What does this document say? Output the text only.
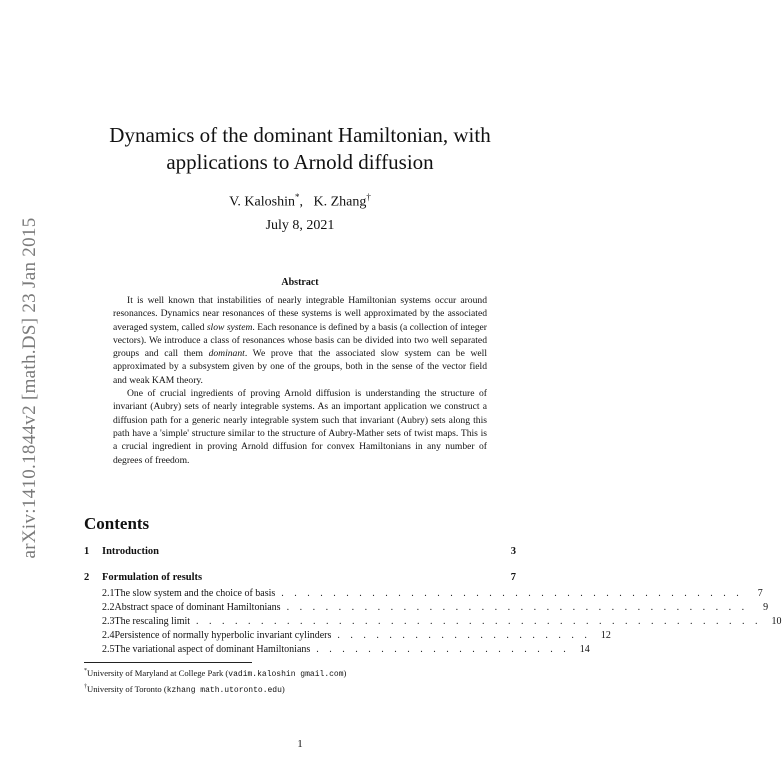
arXiv:1410.1844v2 [math.DS] 23 Jan 2015
Dynamics of the dominant Hamiltonian, with applications to Arnold diffusion
V. Kaloshin*,   K. Zhang†
July 8, 2021
Abstract

It is well known that instabilities of nearly integrable Hamiltonian systems occur around resonances. Dynamics near resonances of these systems is well approximated by the associated averaged system, called slow system. Each resonance is defined by a basis (a collection of integer vectors). We introduce a class of resonances whose basis can be divided into two well separated groups and call them dominant. We prove that the associated slow system can be well approximated by a subsystem given by one of the groups, both in the sense of the vector field and weak KAM theory.

One of crucial ingredients of proving Arnold diffusion is understanding the structure of invariant (Aubry) sets of nearly integrable systems. As an important application we construct a diffusion path for a generic nearly integrable system such that invariant (Aubry) sets along this path have a 'simple' structure similar to the structure of Aubry-Mather sets of twist maps. This is a crucial ingredient in proving Arnold diffusion for convex Hamiltonians in any number of degrees of freedom.

Contents
1	Introduction	3
2	Formulation of results	7
2.1 The slow system and the choice of basis . . . . . . . . . . . . . . . . . . . . . . . . . . . . . . . . . . . .	7
2.2 Abstract space of dominant Hamiltonians . . . . . . . . . . . . . . . . . . . . . . . . . . . . . . . . . . . .	9
2.3 The rescaling limit . . . . . . . . . . . . . . . . . . . . . . . . . . . . . . . . . . . . . . . . . . . .	10
2.4 Persistence of normally hyperbolic invariant cylinders . . . . . . . . . . . . . . . . . . . .	12
2.5 The variational aspect of dominant Hamiltonians . . . . . . . . . . . . . . . . . . . .	14
*University of Maryland at College Park (vadim.kaloshin gmail.com)
†University of Toronto (kzhang math.utoronto.edu)
1
